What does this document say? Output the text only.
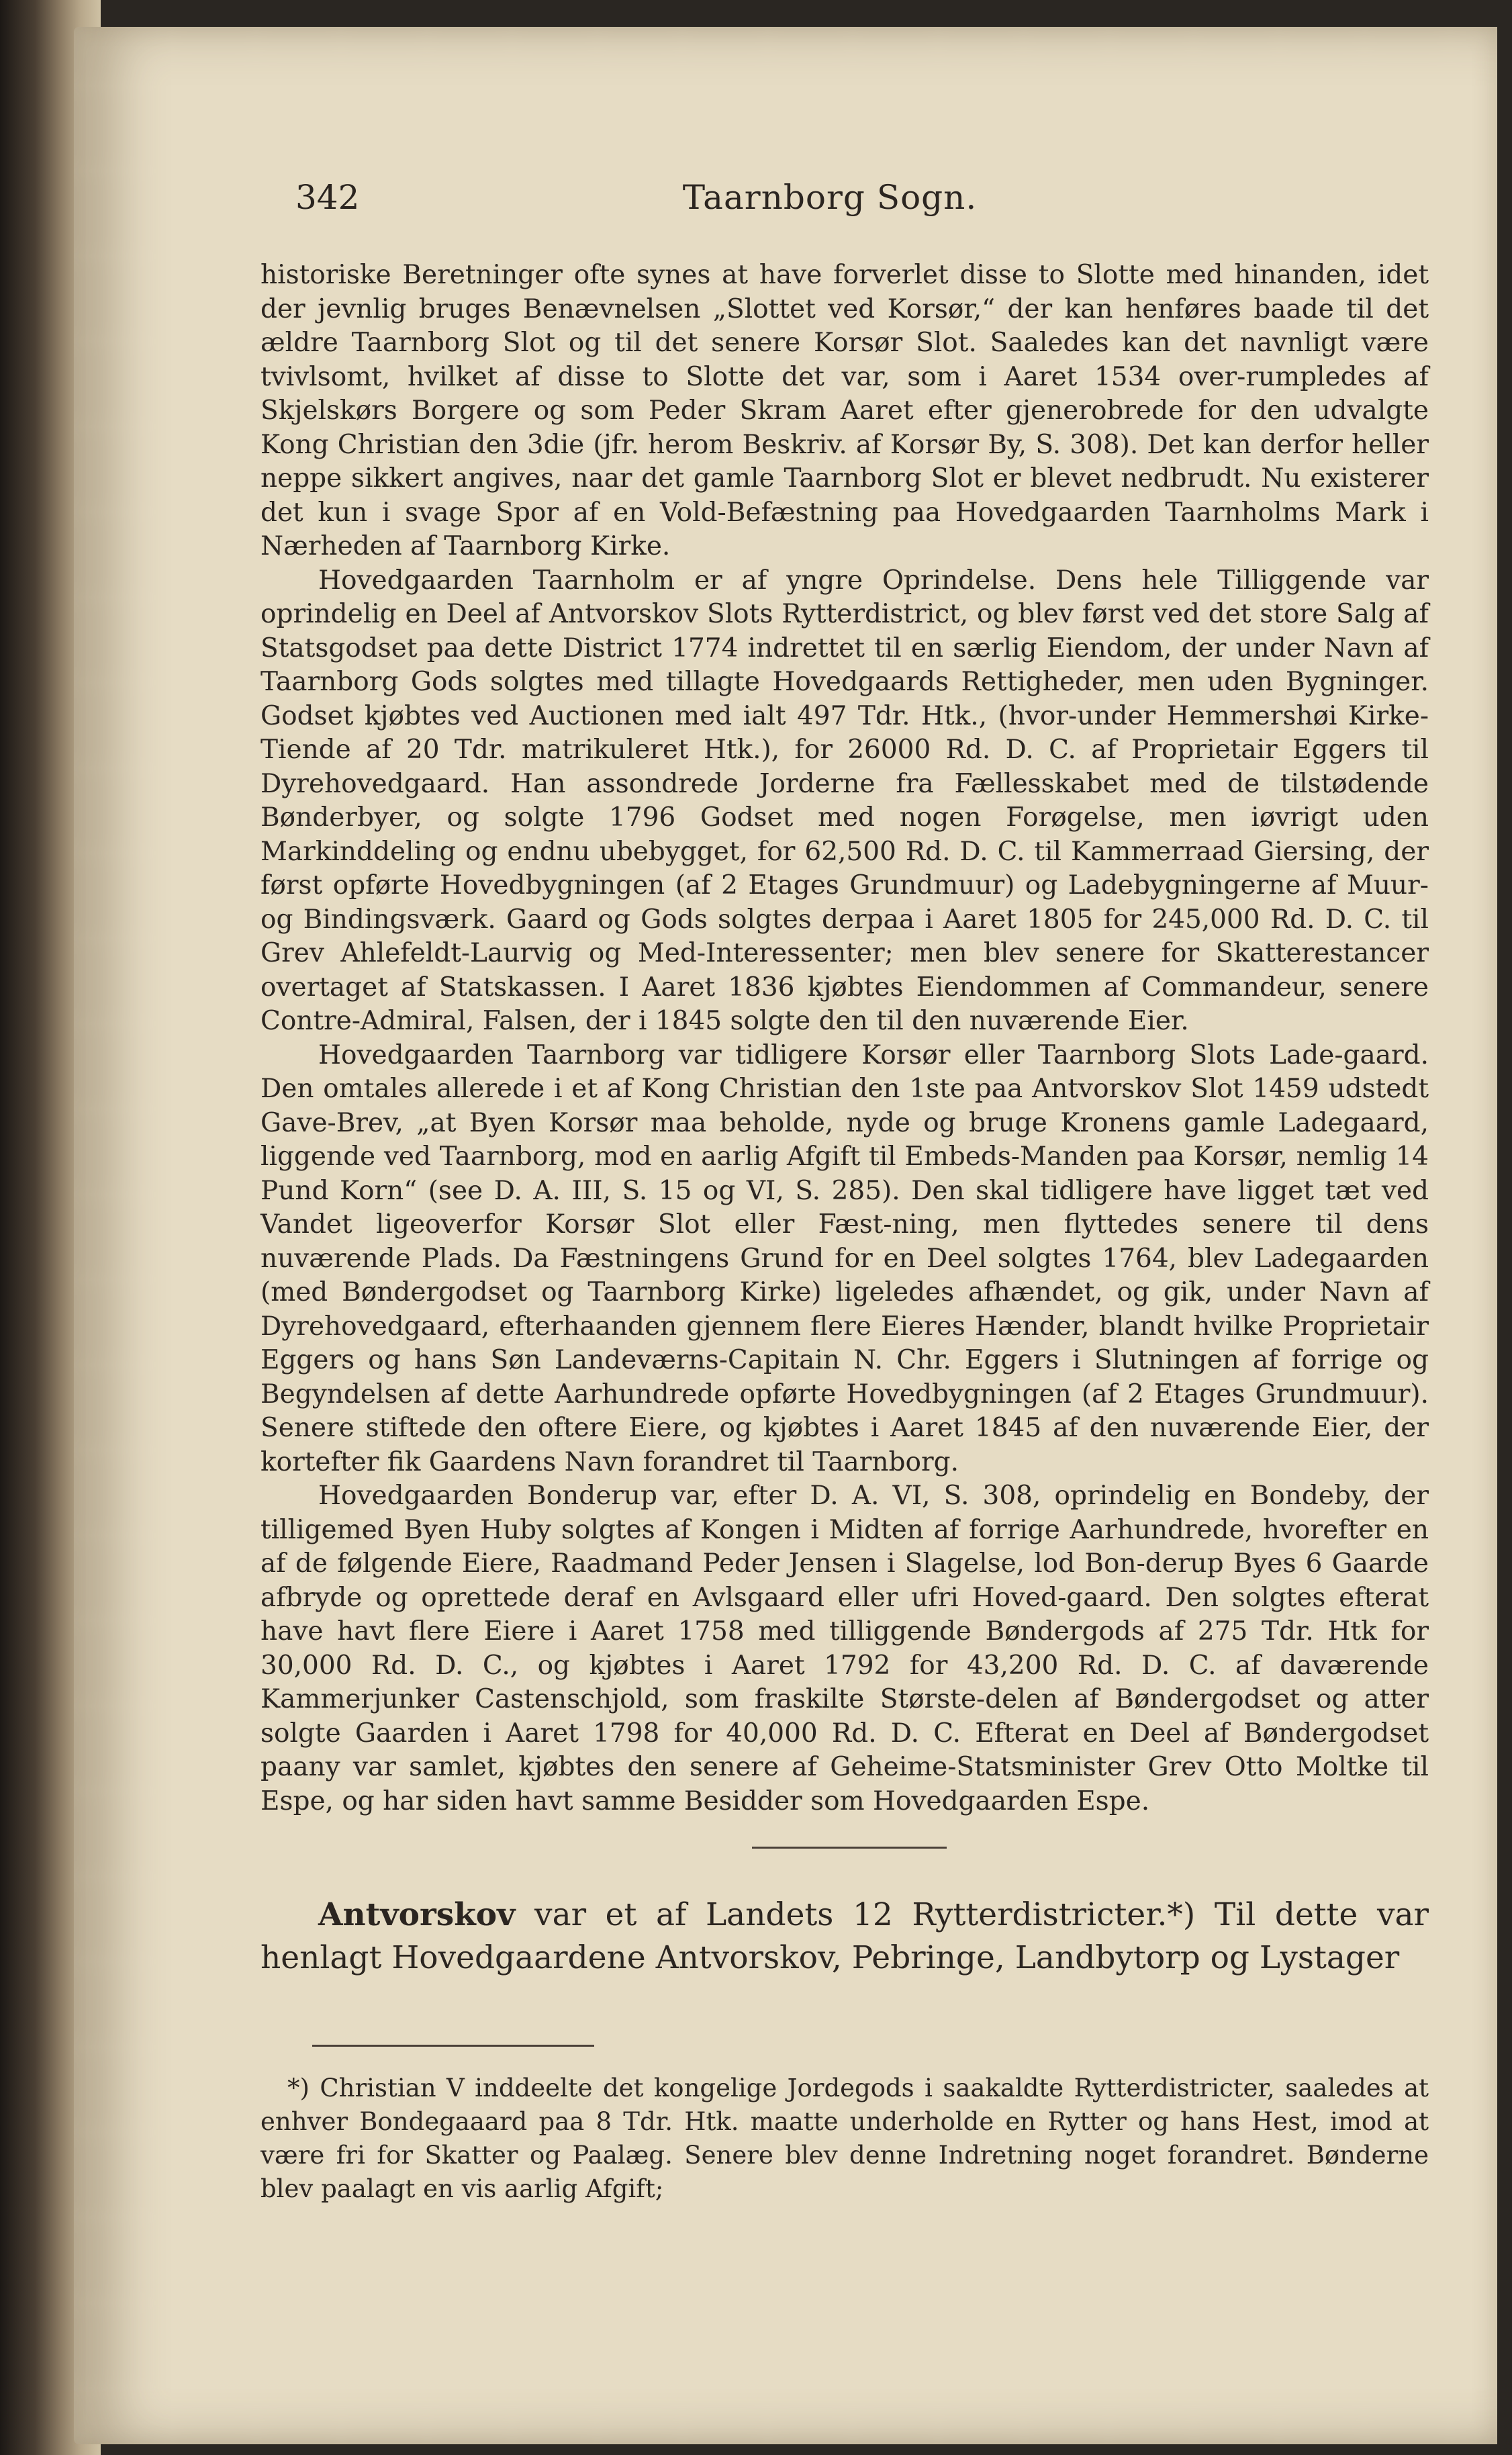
342	Taarnborg Sogn.

historiske Beretninger ofte synes at have forverlet disse to Slotte med hinanden, idet der jevnlig bruges Benævnelsen „Slottet ved Korsør,“ der kan henføres baade til det ældre Taarnborg Slot og til det senere Korsør Slot. Saaledes kan det navnligt være tvivlsomt, hvilket af disse to Slotte det var, som i Aaret 1534 over-rumpledes af Skjelskørs Borgere og som Peder Skram Aaret efter gjenerobrede for den udvalgte Kong Christian den 3die (jfr. herom Beskriv. af Korsør By, S. 308). Det kan derfor heller neppe sikkert angives, naar det gamle Taarnborg Slot er blevet nedbrudt. Nu existerer det kun i svage Spor af en Vold-Befæstning paa Hovedgaarden Taarnholms Mark i Nærheden af Taarnborg Kirke.

Hovedgaarden Taarnholm er af yngre Oprindelse. Dens hele Tilliggende var oprindelig en Deel af Antvorskov Slots Rytterdistrict, og blev først ved det store Salg af Statsgodset paa dette District 1774 indrettet til en særlig Eiendom, der under Navn af Taarnborg Gods solgtes med tillagte Hovedgaards Rettigheder, men uden Bygninger. Godset kjøbtes ved Auctionen med ialt 497 Tdr. Htk., (hvor-under Hemmershøi Kirke-Tiende af 20 Tdr. matrikuleret Htk.), for 26000 Rd. D. C. af Proprietair Eggers til Dyrehovedgaard. Han assondrede Jorderne fra Fællesskabet med de tilstødende Bønderbyer, og solgte 1796 Godset med nogen Forøgelse, men iøvrigt uden Markinddeling og endnu ubebygget, for 62,500 Rd. D. C. til Kammerraad Giersing, der først opførte Hovedbygningen (af 2 Etages Grundmuur) og Ladebygningerne af Muur- og Bindingsværk. Gaard og Gods solgtes derpaa i Aaret 1805 for 245,000 Rd. D. C. til Grev Ahlefeldt-Laurvig og Med-Interessenter; men blev senere for Skatterestancer overtaget af Statskassen. I Aaret 1836 kjøbtes Eiendommen af Commandeur, senere Contre-Admiral, Falsen, der i 1845 solgte den til den nuværende Eier.

Hovedgaarden Taarnborg var tidligere Korsør eller Taarnborg Slots Lade-gaard. Den omtales allerede i et af Kong Christian den 1ste paa Antvorskov Slot 1459 udstedt Gave-Brev, „at Byen Korsør maa beholde, nyde og bruge Kronens gamle Ladegaard, liggende ved Taarnborg, mod en aarlig Afgift til Embeds-Manden paa Korsør, nemlig 14 Pund Korn“ (see D. A. III, S. 15 og VI, S. 285). Den skal tidligere have ligget tæt ved Vandet ligeoverfor Korsør Slot eller Fæst-ning, men flyttedes senere til dens nuværende Plads. Da Fæstningens Grund for en Deel solgtes 1764, blev Ladegaarden (med Bøndergodset og Taarnborg Kirke) ligeledes afhændet, og gik, under Navn af Dyrehovedgaard, efterhaanden gjennem flere Eieres Hænder, blandt hvilke Proprietair Eggers og hans Søn Landeværns-Capitain N. Chr. Eggers i Slutningen af forrige og Begyndelsen af dette Aarhundrede opførte Hovedbygningen (af 2 Etages Grundmuur). Senere stiftede den oftere Eiere, og kjøbtes i Aaret 1845 af den nuværende Eier, der kortefter fik Gaardens Navn forandret til Taarnborg.

Hovedgaarden Bonderup var, efter D. A. VI, S. 308, oprindelig en Bondeby, der tilligemed Byen Huby solgtes af Kongen i Midten af forrige Aarhundrede, hvorefter en af de følgende Eiere, Raadmand Peder Jensen i Slagelse, lod Bon-derup Byes 6 Gaarde afbryde og oprettede deraf en Avlsgaard eller ufri Hoved-gaard. Den solgtes efterat have havt flere Eiere i Aaret 1758 med tilliggende Bøndergods af 275 Tdr. Htk for 30,000 Rd. D. C., og kjøbtes i Aaret 1792 for 43,200 Rd. D. C. af daværende Kammerjunker Castenschjold, som fraskilte Største-delen af Bøndergodset og atter solgte Gaarden i Aaret 1798 for 40,000 Rd. D. C. Efterat en Deel af Bøndergodset paany var samlet, kjøbtes den senere af Geheime-Statsminister Grev Otto Moltke til Espe, og har siden havt samme Besidder som Hovedgaarden Espe.

Antvorskov var et af Landets 12 Rytterdistricter.*) Til dette var henlagt Hovedgaardene Antvorskov, Pebringe, Landbytorp og Lystager

*) Christian V inddeelte det kongelige Jordegods i saakaldte Rytterdistricter, saaledes at enhver Bondegaaard paa 8 Tdr. Htk. maatte underholde en Rytter og hans Hest, imod at være fri for Skatter og Paalæg. Senere blev denne Indretning noget forandret. Bønderne blev paalagt en vis aarlig Afgift;
